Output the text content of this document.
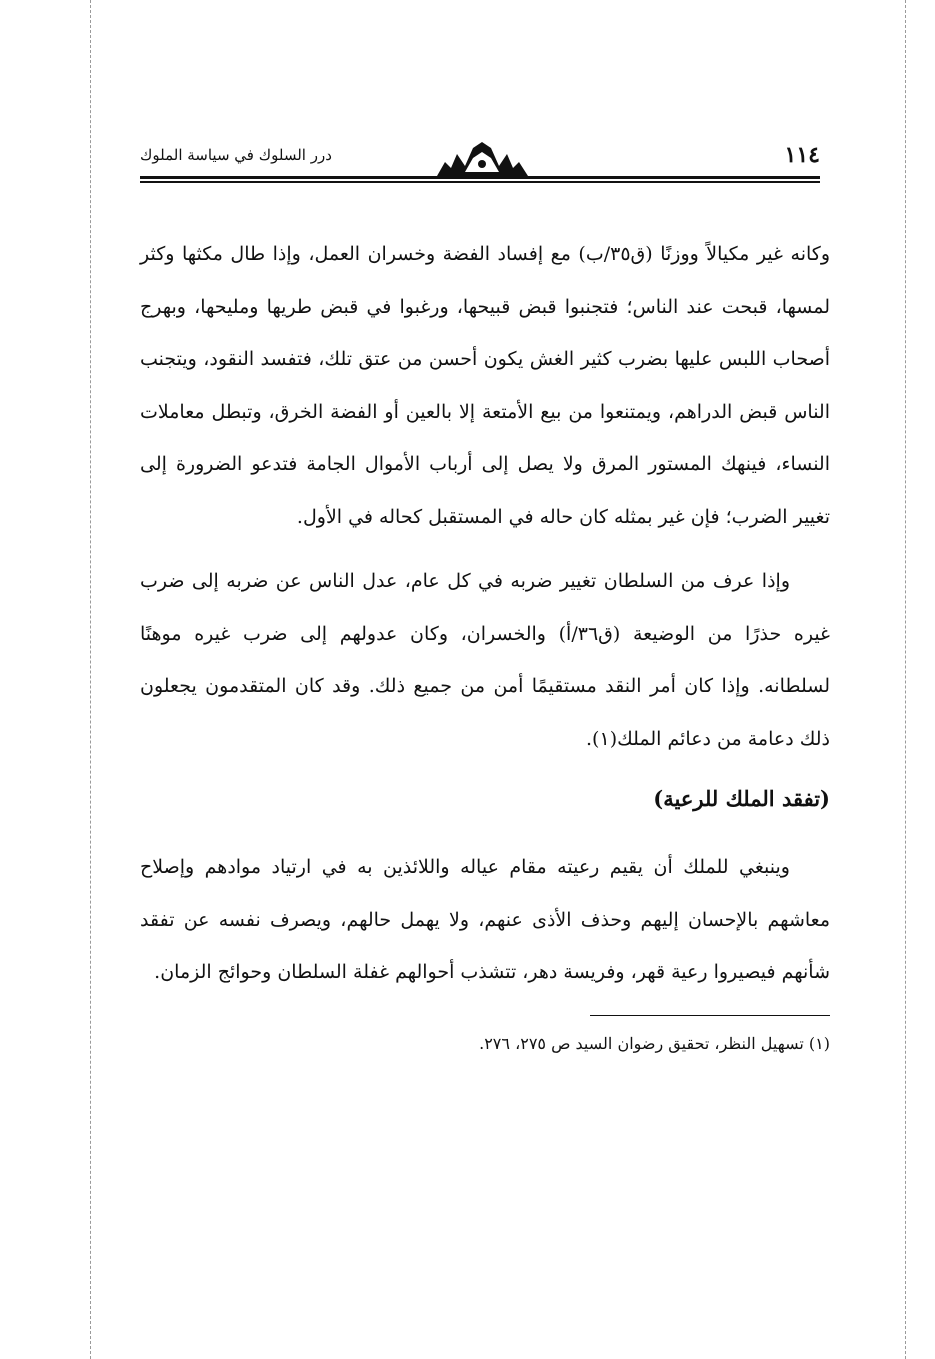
درر السلوك في سياسة الملوك	١١٤

وكانه غير مكيالاً ووزنًا (ق٣٥/ب) مع إفساد الفضة وخسران العمل، وإذا طال مكثها وكثر لمسها، قبحت عند الناس؛ فتجنبوا قبض قبيحها، ورغبوا في قبض طريها ومليحها، وبهرج أصحاب اللبس عليها بضرب كثير الغش يكون أحسن من عتق تلك، فتفسد النقود، ويتجنب الناس قبض الدراهم، ويمتنعوا من بيع الأمتعة إلا بالعين أو الفضة الخرق، وتبطل معاملات النساء، فينهك المستور المرق ولا يصل إلى أرباب الأموال الجامة فتدعو الضرورة إلى تغيير الضرب؛ فإن غير بمثله كان حاله في المستقبل كحاله في الأول.

وإذا عرف من السلطان تغيير ضربه في كل عام، عدل الناس عن ضربه إلى ضرب غيره حذرًا من الوضيعة (ق٣٦/أ) والخسران، وكان عدولهم إلى ضرب غيره موهنًا لسلطانه. وإذا كان أمر النقد مستقيمًا أمن من جميع ذلك. وقد كان المتقدمون يجعلون ذلك دعامة من دعائم الملك(١).

(تفقد الملك للرعية)

وينبغي للملك أن يقيم رعيته مقام عياله واللائذين به في ارتياد موادهم وإصلاح معاشهم بالإحسان إليهم وحذف الأذى عنهم، ولا يهمل حالهم، ويصرف نفسه عن تفقد شأنهم فيصيروا رعية قهر، وفريسة دهر، تتشذب أحوالهم غفلة السلطان وحوائج الزمان.

(١) تسهيل النظر، تحقيق رضوان السيد ص ٢٧٥، ٢٧٦.
